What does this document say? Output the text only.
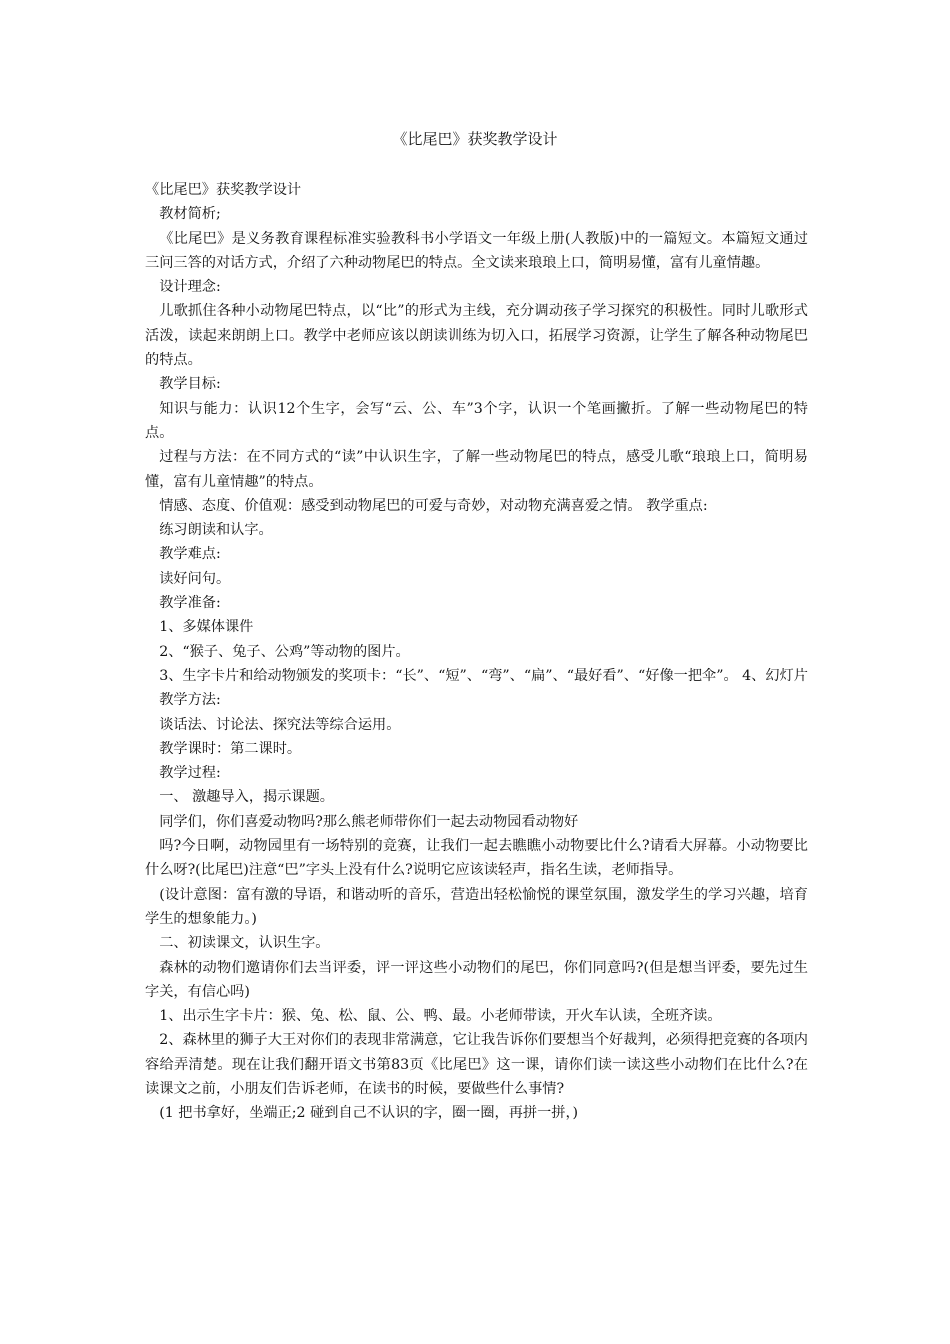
《比尾巴》获奖教学设计

《比尾巴》获奖教学设计

教材简析;

《比尾巴》是义务教育课程标准实验教科书小学语文一年级上册(人教版)中的一篇短文。本篇短文通过三问三答的对话方式，介绍了六种动物尾巴的特点。全文读来琅琅上口，简明易懂，富有儿童情趣。

设计理念:

儿歌抓住各种小动物尾巴特点，以“比”的形式为主线，充分调动孩子学习探究的积极性。同时儿歌形式活泼，读起来朗朗上口。教学中老师应该以朗读训练为切入口，拓展学习资源，让学生了解各种动物尾巴的特点。

教学目标:

知识与能力：认识12个生字，会写“云、公、车”3个字，认识一个笔画撇折。了解一些动物尾巴的特点。

过程与方法：在不同方式的“读”中认识生字，了解一些动物尾巴的特点，感受儿歌“琅琅上口，简明易懂，富有儿童情趣”的特点。

情感、态度、价值观：感受到动物尾巴的可爱与奇妙，对动物充满喜爱之情。 教学重点:

练习朗读和认字。

教学难点:

读好问句。

教学准备:

1、多媒体课件

2、“猴子、兔子、公鸡”等动物的图片。

3、生字卡片和给动物颁发的奖项卡：“长”、“短”、“弯”、“扁”、“最好看”、“好像一把伞”。 4、幻灯片

教学方法:

谈话法、讨论法、探究法等综合运用。

教学课时：第二课时。

教学过程:

一、 激趣导入，揭示课题。

同学们，你们喜爱动物吗?那么熊老师带你们一起去动物园看动物好

吗?今日啊，动物园里有一场特别的竞赛，让我们一起去瞧瞧小动物要比什么?请看大屏幕。小动物要比什么呀?(比尾巴)注意“巴”字头上没有什么?说明它应该读轻声，指名生读，老师指导。

(设计意图：富有激的导语，和谐动听的音乐，营造出轻松愉悦的课堂氛围，激发学生的学习兴趣，培育学生的想象能力。)

二、初读课文，认识生字。

森林的动物们邀请你们去当评委，评一评这些小动物们的尾巴，你们同意吗?(但是想当评委，要先过生字关，有信心吗)

1、出示生字卡片：猴、兔、松、鼠、公、鸭、最。小老师带读，开火车认读，全班齐读。

2、森林里的狮子大王对你们的表现非常满意，它让我告诉你们要想当个好裁判，必须得把竞赛的各项内容给弄清楚。现在让我们翻开语文书第83页《比尾巴》这一课，请你们读一读这些小动物们在比什么?在读课文之前，小朋友们告诉老师，在读书的时候，要做些什么事情?

(1 把书拿好，坐端正;2 碰到自己不认识的字，圈一圈，再拼一拼，)
